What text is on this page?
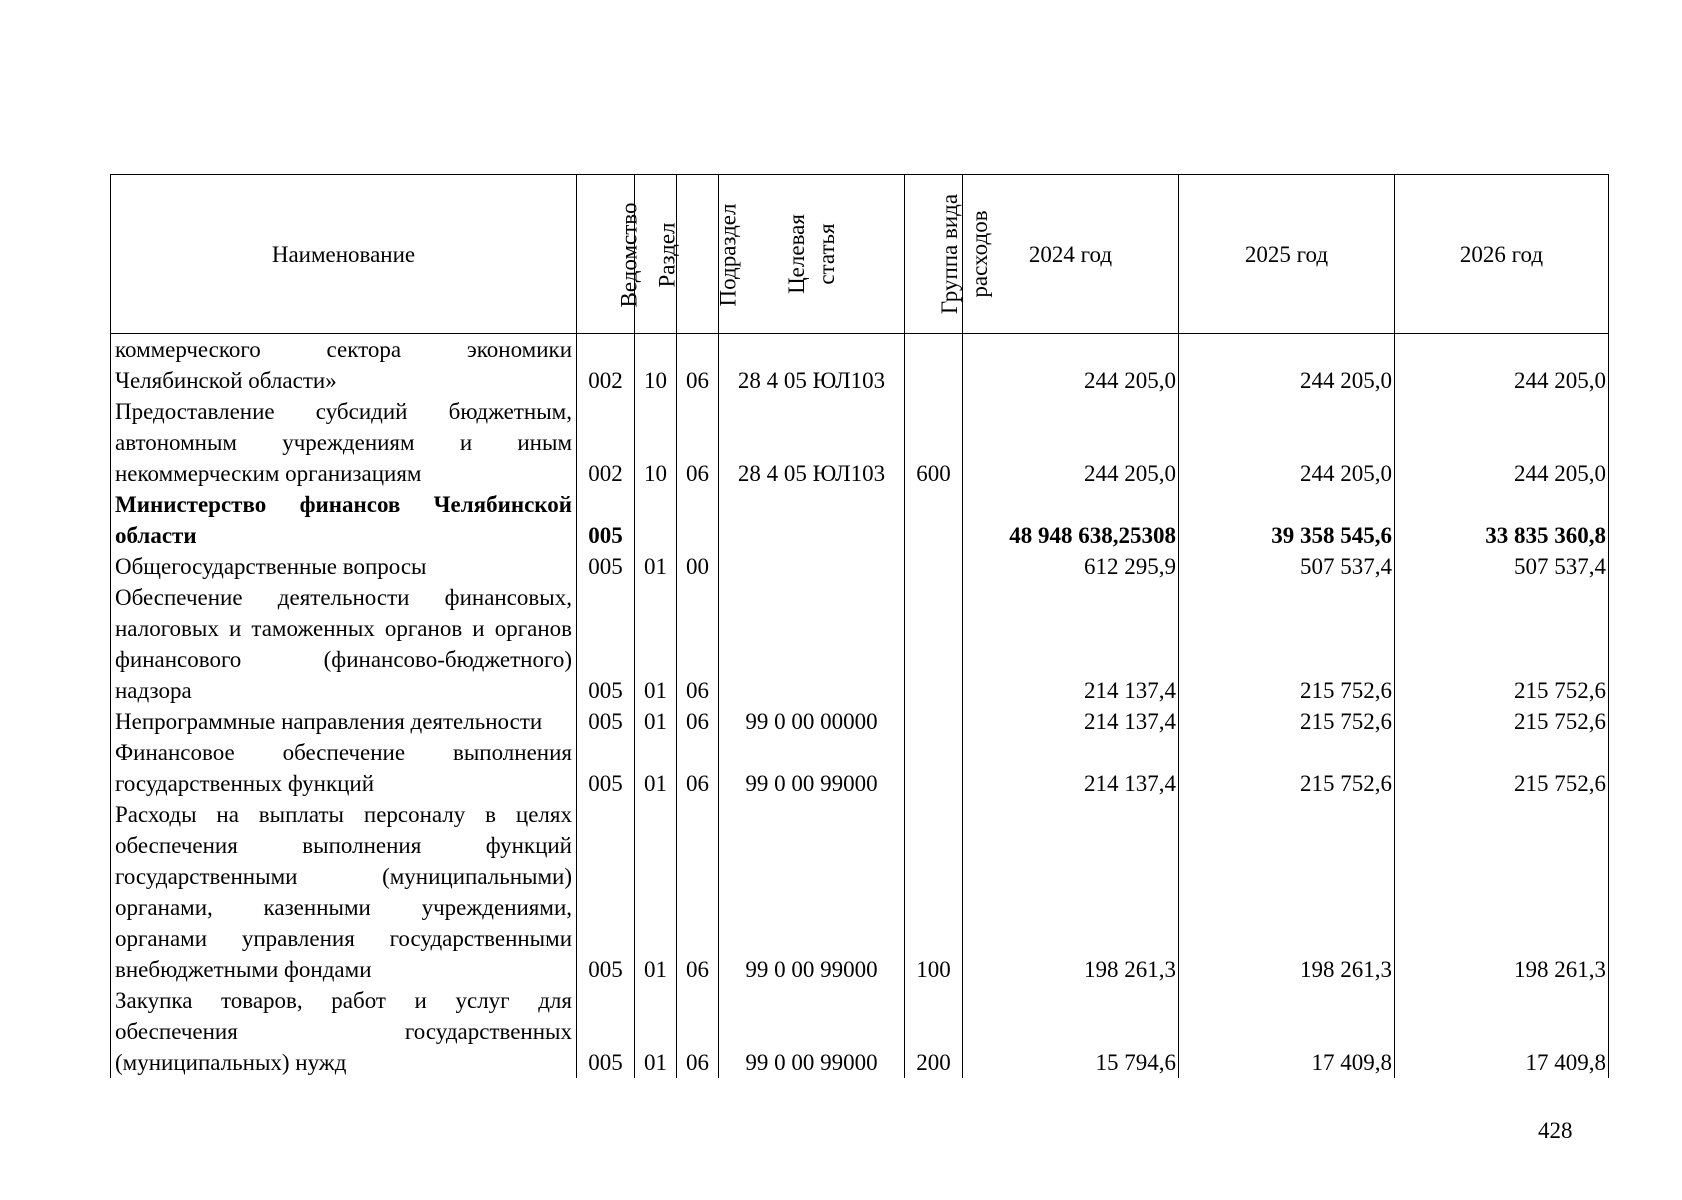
Наименование	Ведомство	Раздел	Подраздел	Целевая статья	Группа вида расходов	2024 год	2025 год	2026 год
коммерческого сектора экономики Челябинской области»	002	10	06	28 4 05 ЮЛ103		244 205,0	244 205,0	244 205,0
Предоставление субсидий бюджетным, автономным учреждениям и иным некоммерческим организациям	002	10	06	28 4 05 ЮЛ103	600	244 205,0	244 205,0	244 205,0
Министерство финансов Челябинской области	005					48 948 638,25308	39 358 545,6	33 835 360,8
Общегосударственные вопросы	005	01	00			612 295,9	507 537,4	507 537,4
Обеспечение деятельности финансовых, налоговых и таможенных органов и органов финансового (финансово-бюджетного) надзора	005	01	06			214 137,4	215 752,6	215 752,6
Непрограммные направления деятельности	005	01	06	99 0 00 00000		214 137,4	215 752,6	215 752,6
Финансовое обеспечение выполнения государственных функций	005	01	06	99 0 00 99000		214 137,4	215 752,6	215 752,6
Расходы на выплаты персоналу в целях обеспечения выполнения функций государственными (муниципальными) органами, казенными учреждениями, органами управления государственными внебюджетными фондами	005	01	06	99 0 00 99000	100	198 261,3	198 261,3	198 261,3
Закупка товаров, работ и услуг для обеспечения государственных (муниципальных) нужд	005	01	06	99 0 00 99000	200	15 794,6	17 409,8	17 409,8
428
